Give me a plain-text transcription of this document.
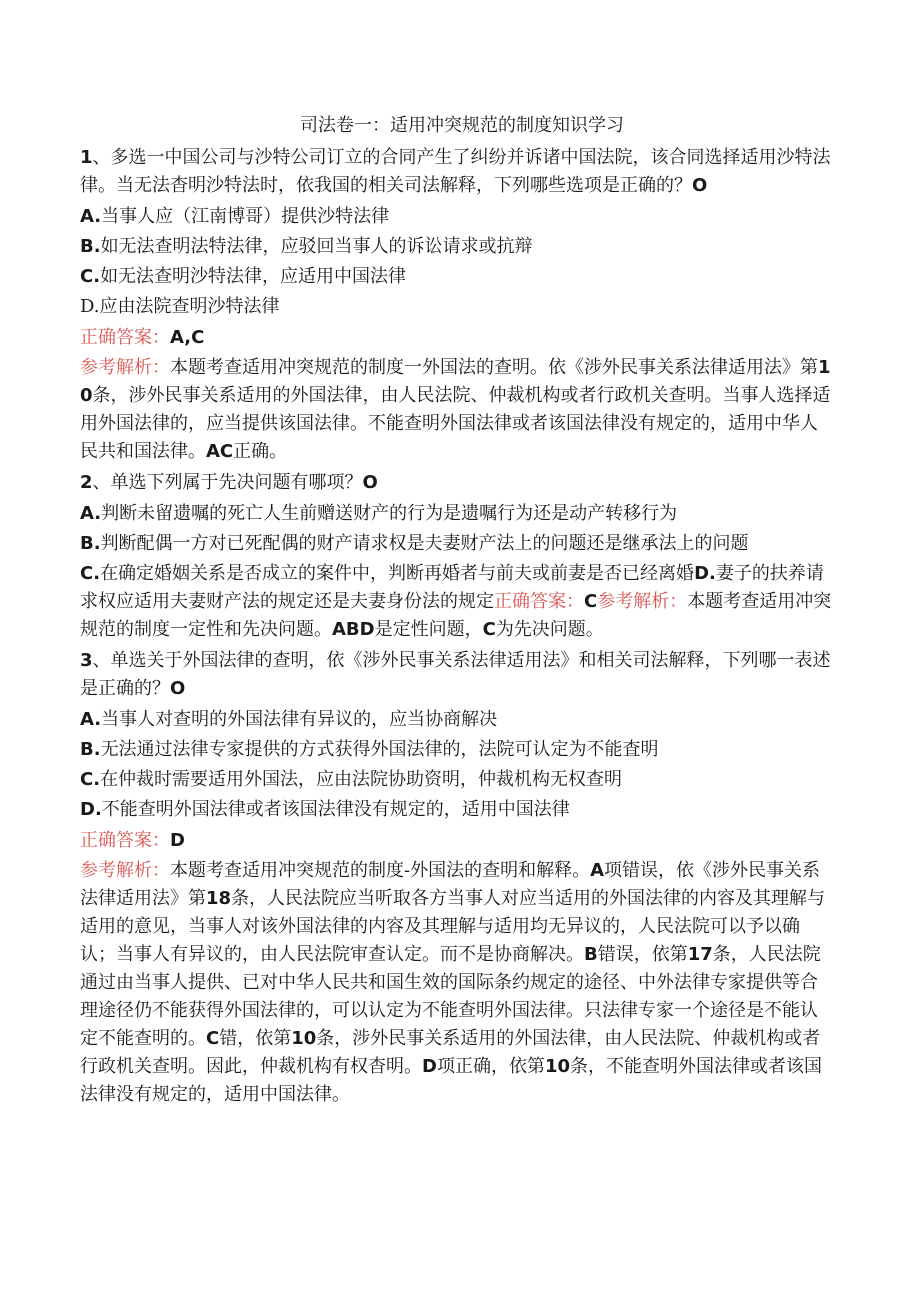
司法卷一：适用冲突规范的制度知识学习

1、多选一中国公司与沙特公司订立的合同产生了纠纷并诉诸中国法院，该合同选择适用沙特法律。当无法杳明沙特法时，依我国的相关司法解释，下列哪些选项是正确的？O

A.当事人应（江南博哥）提供沙特法律

B.如无法查明法特法律，应驳回当事人的诉讼请求或抗辩

C.如无法查明沙特法律，应适用中国法律

D.应由法院查明沙特法律

正确答案：A,C

参考解析：本题考查适用冲突规范的制度一外国法的查明。依《涉外民事关系法律适用法》第10条，涉外民事关系适用的外国法律，由人民法院、仲裁机构或者行政机关查明。当事人选择适用外国法律的，应当提供该国法律。不能查明外国法律或者该国法律没有规定的，适用中华人民共和国法律。AC正确。

2、单选下列属于先决问题有哪项？O

A.判断未留遗嘱的死亡人生前赠送财产的行为是遗嘱行为还是动产转移行为

B.判断配偶一方对已死配偶的财产请求权是夫妻财产法上的问题还是继承法上的问题

C.在确定婚姻关系是否成立的案件中，判断再婚者与前夫或前妻是否已经离婚D.妻子的扶养请求权应适用夫妻财产法的规定还是夫妻身份法的规定正确答案：C参考解析：本题考查适用冲突规范的制度一定性和先决问题。ABD是定性问题，C为先决问题。

3、单选关于外国法律的查明，依《涉外民事关系法律适用法》和相关司法解释，下列哪一表述是正确的？O

A.当事人对查明的外国法律有异议的，应当协商解决

B.无法通过法律专家提供的方式获得外国法律的，法院可认定为不能査明

C.在仲裁时需要适用外国法，应由法院协助资明，仲裁机构无权查明

D.不能查明外国法律或者该国法律没有规定的，适用中国法律

正确答案：D

参考解析：本题考查适用冲突规范的制度-外国法的查明和解释。A项错误，依《涉外民事关系法律适用法》第18条，人民法院应当听取各方当事人对应当适用的外国法律的内容及其理解与适用的意见，当事人对该外国法律的内容及其理解与适用均无异议的，人民法院可以予以确认；当事人有异议的，由人民法院审查认定。而不是协商解决。B错误，依第17条，人民法院通过由当事人提供、已对中华人民共和国生效的国际条约规定的途径、中外法律专家提供等合理途径仍不能获得外国法律的，可以认定为不能查明外国法律。只法律专家一个途径是不能认定不能查明的。C错，依第10条，涉外民事关系适用的外国法律，由人民法院、仲裁机构或者行政机关查明。因此，仲裁机构有权杳明。D项正确，依第10条，不能查明外国法律或者该国法律没有规定的，适用中国法律。
